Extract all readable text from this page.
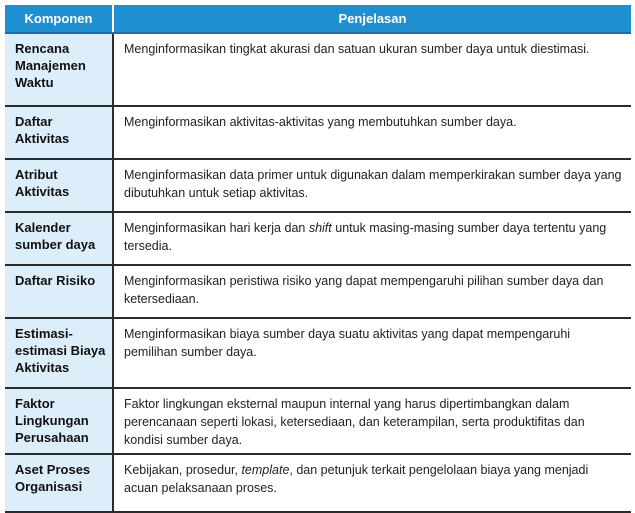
Komponen	Penjelasan
Rencana Manajemen Waktu	Menginformasikan tingkat akurasi dan satuan ukuran sumber daya untuk diestimasi.
Daftar Aktivitas	Menginformasikan aktivitas-aktivitas yang membutuhkan sumber daya.
Atribut Aktivitas	Menginformasikan data primer untuk digunakan dalam memperkirakan sumber daya yang dibutuhkan untuk setiap aktivitas.
Kalender sumber daya	Menginformasikan hari kerja dan shift untuk masing-masing sumber daya tertentu yang tersedia.
Daftar Risiko	Menginformasikan peristiwa risiko yang dapat mempengaruhi pilihan sumber daya dan ketersediaan.
Estimasi-estimasi Biaya Aktivitas	Menginformasikan biaya sumber daya suatu aktivitas yang dapat mempengaruhi pemilihan sumber daya.
Faktor Lingkungan Perusahaan	Faktor lingkungan eksternal maupun internal yang harus dipertimbangkan dalam perencanaan seperti lokasi, ketersediaan, dan keterampilan, serta produktifitas dan kondisi sumber daya.
Aset Proses Organisasi	Kebijakan, prosedur, template, dan petunjuk terkait pengelolaan biaya yang menjadi acuan pelaksanaan proses.
